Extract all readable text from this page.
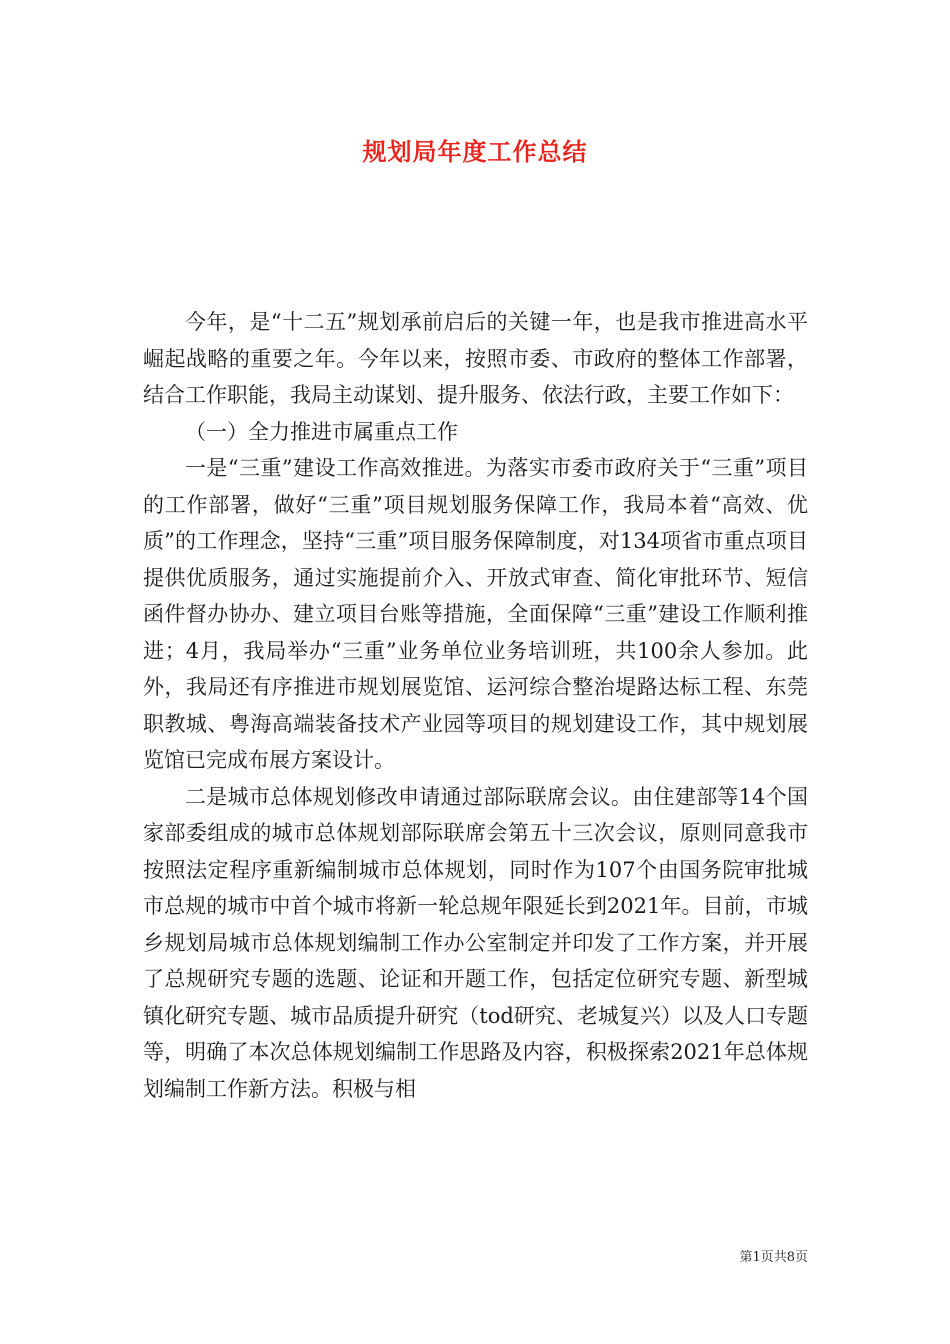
规划局年度工作总结

今年，是“十二五”规划承前启后的关键一年，也是我市推进高水平崛起战略的重要之年。今年以来，按照市委、市政府的整体工作部署，结合工作职能，我局主动谋划、提升服务、依法行政，主要工作如下：

（一）全力推进市属重点工作

一是“三重”建设工作高效推进。为落实市委市政府关于“三重”项目的工作部署，做好“三重”项目规划服务保障工作，我局本着“高效、优质”的工作理念，坚持“三重”项目服务保障制度，对134项省市重点项目提供优质服务，通过实施提前介入、开放式审查、简化审批环节、短信函件督办协办、建立项目台账等措施，全面保障“三重”建设工作顺利推进；4月，我局举办“三重”业务单位业务培训班，共100余人参加。此外，我局还有序推进市规划展览馆、运河综合整治堤路达标工程、东莞职教城、粤海高端装备技术产业园等项目的规划建设工作，其中规划展览馆已完成布展方案设计。

二是城市总体规划修改申请通过部际联席会议。由住建部等14个国家部委组成的城市总体规划部际联席会第五十三次会议，原则同意我市按照法定程序重新编制城市总体规划，同时作为107个由国务院审批城市总规的城市中首个城市将新一轮总规年限延长到2021年。目前，市城乡规划局城市总体规划编制工作办公室制定并印发了工作方案，并开展了总规研究专题的选题、论证和开题工作，包括定位研究专题、新型城镇化研究专题、城市品质提升研究（tod研究、老城复兴）以及人口专题等，明确了本次总体规划编制工作思路及内容，积极探索2021年总体规划编制工作新方法。积极与相

第1页共8页
